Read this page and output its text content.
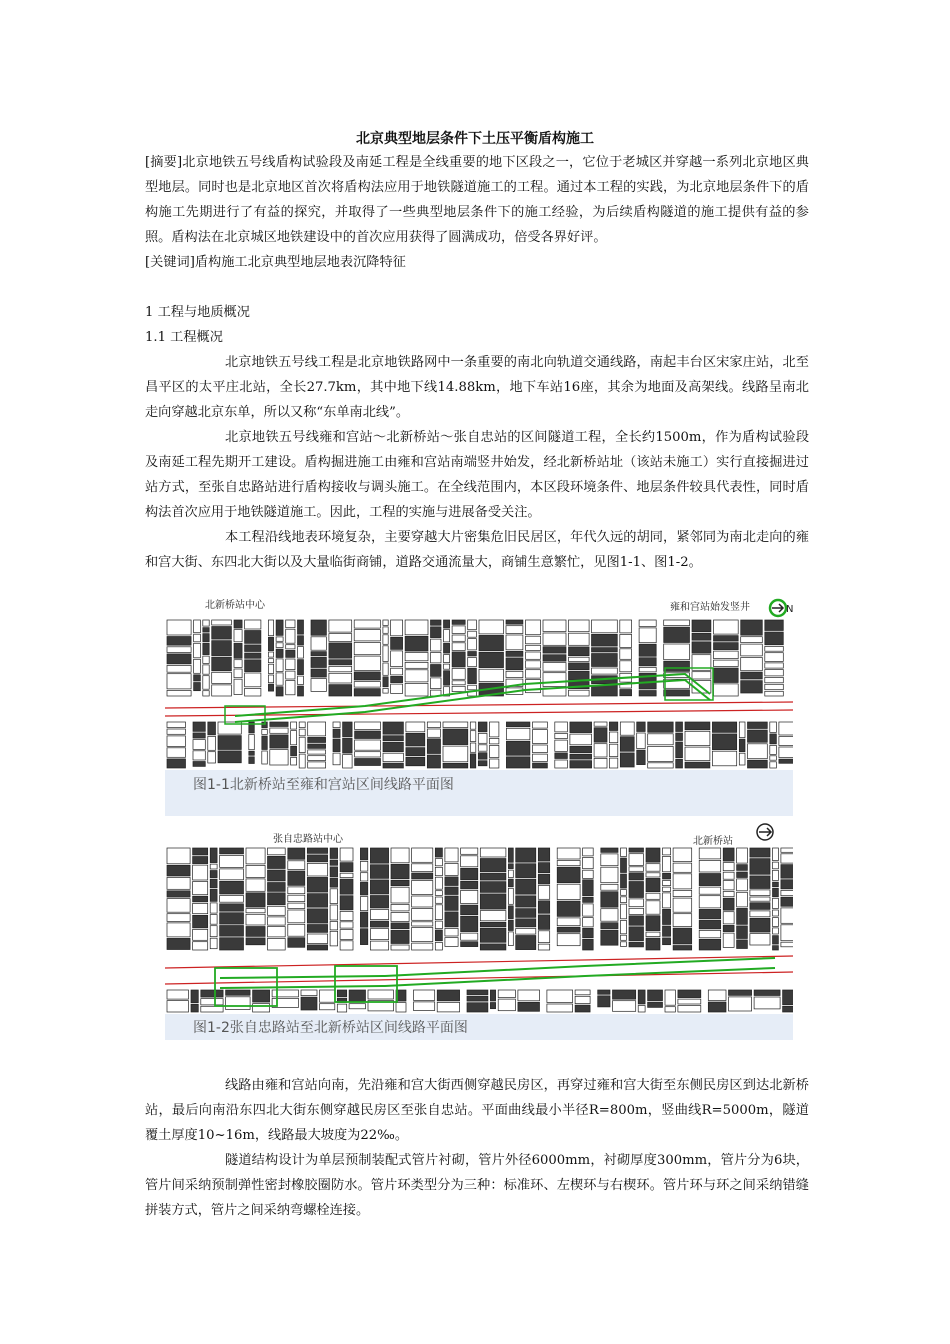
北京典型地层条件下土压平衡盾构施工
[摘要]北京地铁五号线盾构试验段及南延工程是全线重要的地下区段之一，它位于老城区并穿越一系列北京地区典型地层。同时也是北京地区首次将盾构法应用于地铁隧道施工的工程。通过本工程的实践，为北京地层条件下的盾构施工先期进行了有益的探究，并取得了一些典型地层条件下的施工经验，为后续盾构隧道的施工提供有益的参照。盾构法在北京城区地铁建设中的首次应用获得了圆满成功，倍受各界好评。
[关键词]盾构施工北京典型地层地表沉降特征
1 工程与地质概况
1.1 工程概况
北京地铁五号线工程是北京地铁路网中一条重要的南北向轨道交通线路，南起丰台区宋家庄站，北至昌平区的太平庄北站，全长27.7km，其中地下线14.88km，地下车站16座，其余为地面及高架线。线路呈南北走向穿越北京东单，所以又称“东单南北线”。
北京地铁五号线雍和宫站～北新桥站～张自忠站的区间隧道工程，全长约1500m，作为盾构试验段及南延工程先期开工建设。盾构掘进施工由雍和宫站南端竖井始发，经北新桥站址（该站未施工）实行直接掘进过站方式，至张自忠路站进行盾构接收与调头施工。在全线范围内，本区段环境条件、地层条件较具代表性，同时盾构法首次应用于地铁隧道施工。因此，工程的实施与进展备受关注。
本工程沿线地表环境复杂，主要穿越大片密集危旧民居区，年代久远的胡同，紧邻同为南北走向的雍和宫大街、东四北大街以及大量临街商铺，道路交通流量大，商铺生意繁忙，见图1-1、图1-2。
北新桥站中心	雍和宫站始发竖井	N
图1-1北新桥站至雍和宫站区间线路平面图
张自忠路站中心	北新桥站
图1-2张自忠路站至北新桥站区间线路平面图
线路由雍和宫站向南，先沿雍和宫大街西侧穿越民房区，再穿过雍和宫大街至东侧民房区到达北新桥站，最后向南沿东四北大街东侧穿越民房区至张自忠站。平面曲线最小半径R=800m，竖曲线R=5000m，隧道覆土厚度10~16m，线路最大坡度为22‰。
隧道结构设计为单层预制装配式管片衬砌，管片外径6000mm，衬砌厚度300mm，管片分为6块，管片间采纳预制弹性密封橡胶圈防水。管片环类型分为三种：标准环、左楔环与右楔环。管片环与环之间采纳错缝拼装方式，管片之间采纳弯螺栓连接。
